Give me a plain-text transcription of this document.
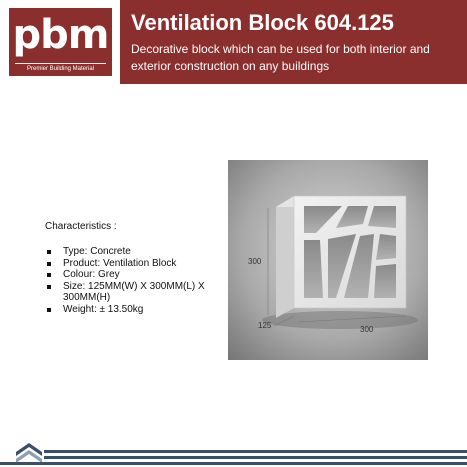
pbm
Premier Building Material
Ventilation Block 604.125
Decorative block which can be used for both interior and exterior construction on any buildings
Characteristics :
Type: Concrete
Product: Ventilation Block
Colour: Grey
Size: 125MM(W) X 300MM(L) X 300MM(H)
Weight: ± 13.50kg
300
125	300
